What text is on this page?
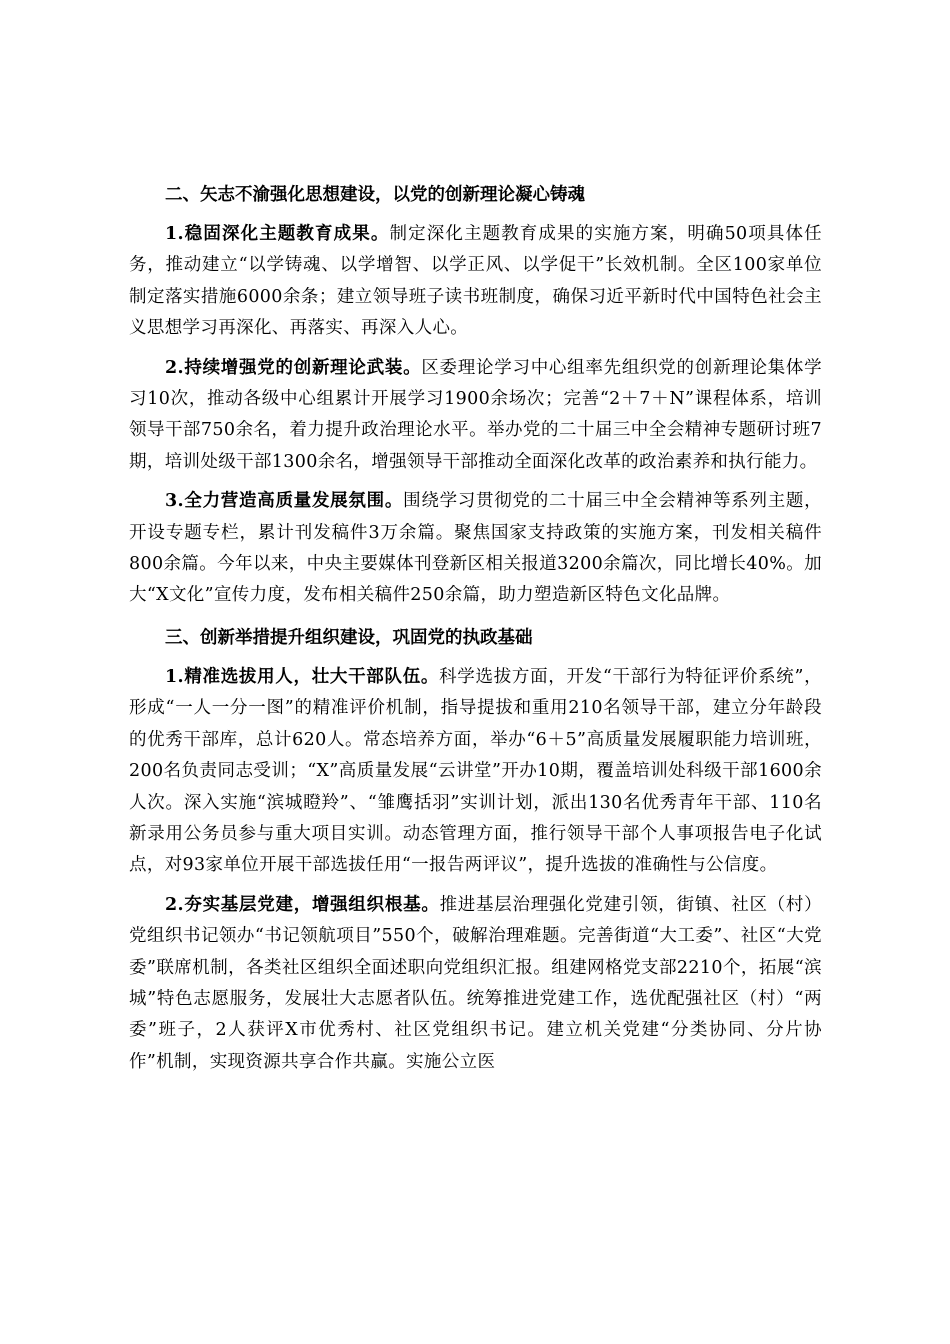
二、矢志不渝强化思想建设，以党的创新理论凝心铸魂

1.稳固深化主题教育成果。制定深化主题教育成果的实施方案，明确50项具体任务，推动建立“以学铸魂、以学增智、以学正风、以学促干”长效机制。全区100家单位制定落实措施6000余条；建立领导班子读书班制度，确保习近平新时代中国特色社会主义思想学习再深化、再落实、再深入人心。

2.持续增强党的创新理论武装。区委理论学习中心组率先组织党的创新理论集体学习10次，推动各级中心组累计开展学习1900余场次；完善“2＋7＋N”课程体系，培训领导干部750余名，着力提升政治理论水平。举办党的二十届三中全会精神专题研讨班7期，培训处级干部1300余名，增强领导干部推动全面深化改革的政治素养和执行能力。

3.全力营造高质量发展氛围。围绕学习贯彻党的二十届三中全会精神等系列主题，开设专题专栏，累计刊发稿件3万余篇。聚焦国家支持政策的实施方案，刊发相关稿件800余篇。今年以来，中央主要媒体刊登新区相关报道3200余篇次，同比增长40%。加大“X文化”宣传力度，发布相关稿件250余篇，助力塑造新区特色文化品牌。

三、创新举措提升组织建设，巩固党的执政基础

1.精准选拔用人，壮大干部队伍。科学选拔方面，开发“干部行为特征评价系统”，形成“一人一分一图”的精准评价机制，指导提拔和重用210名领导干部，建立分年龄段的优秀干部库，总计620人。常态培养方面，举办“6＋5”高质量发展履职能力培训班，200名负责同志受训；“X”高质量发展“云讲堂”开办10期，覆盖培训处科级干部1600余人次。深入实施“滨城瞪羚”、“雏鹰括羽”实训计划，派出130名优秀青年干部、110名新录用公务员参与重大项目实训。动态管理方面，推行领导干部个人事项报告电子化试点，对93家单位开展干部选拔任用“一报告两评议”，提升选拔的准确性与公信度。

2.夯实基层党建，增强组织根基。推进基层治理强化党建引领，街镇、社区（村）党组织书记领办“书记领航项目”550个，破解治理难题。完善街道“大工委”、社区“大党委”联席机制，各类社区组织全面述职向党组织汇报。组建网格党支部2210个，拓展“滨城”特色志愿服务，发展壮大志愿者队伍。统筹推进党建工作，选优配强社区（村）“两委”班子，2人获评X市优秀村、社区党组织书记。建立机关党建“分类协同、分片协作”机制，实现资源共享合作共赢。实施公立医
